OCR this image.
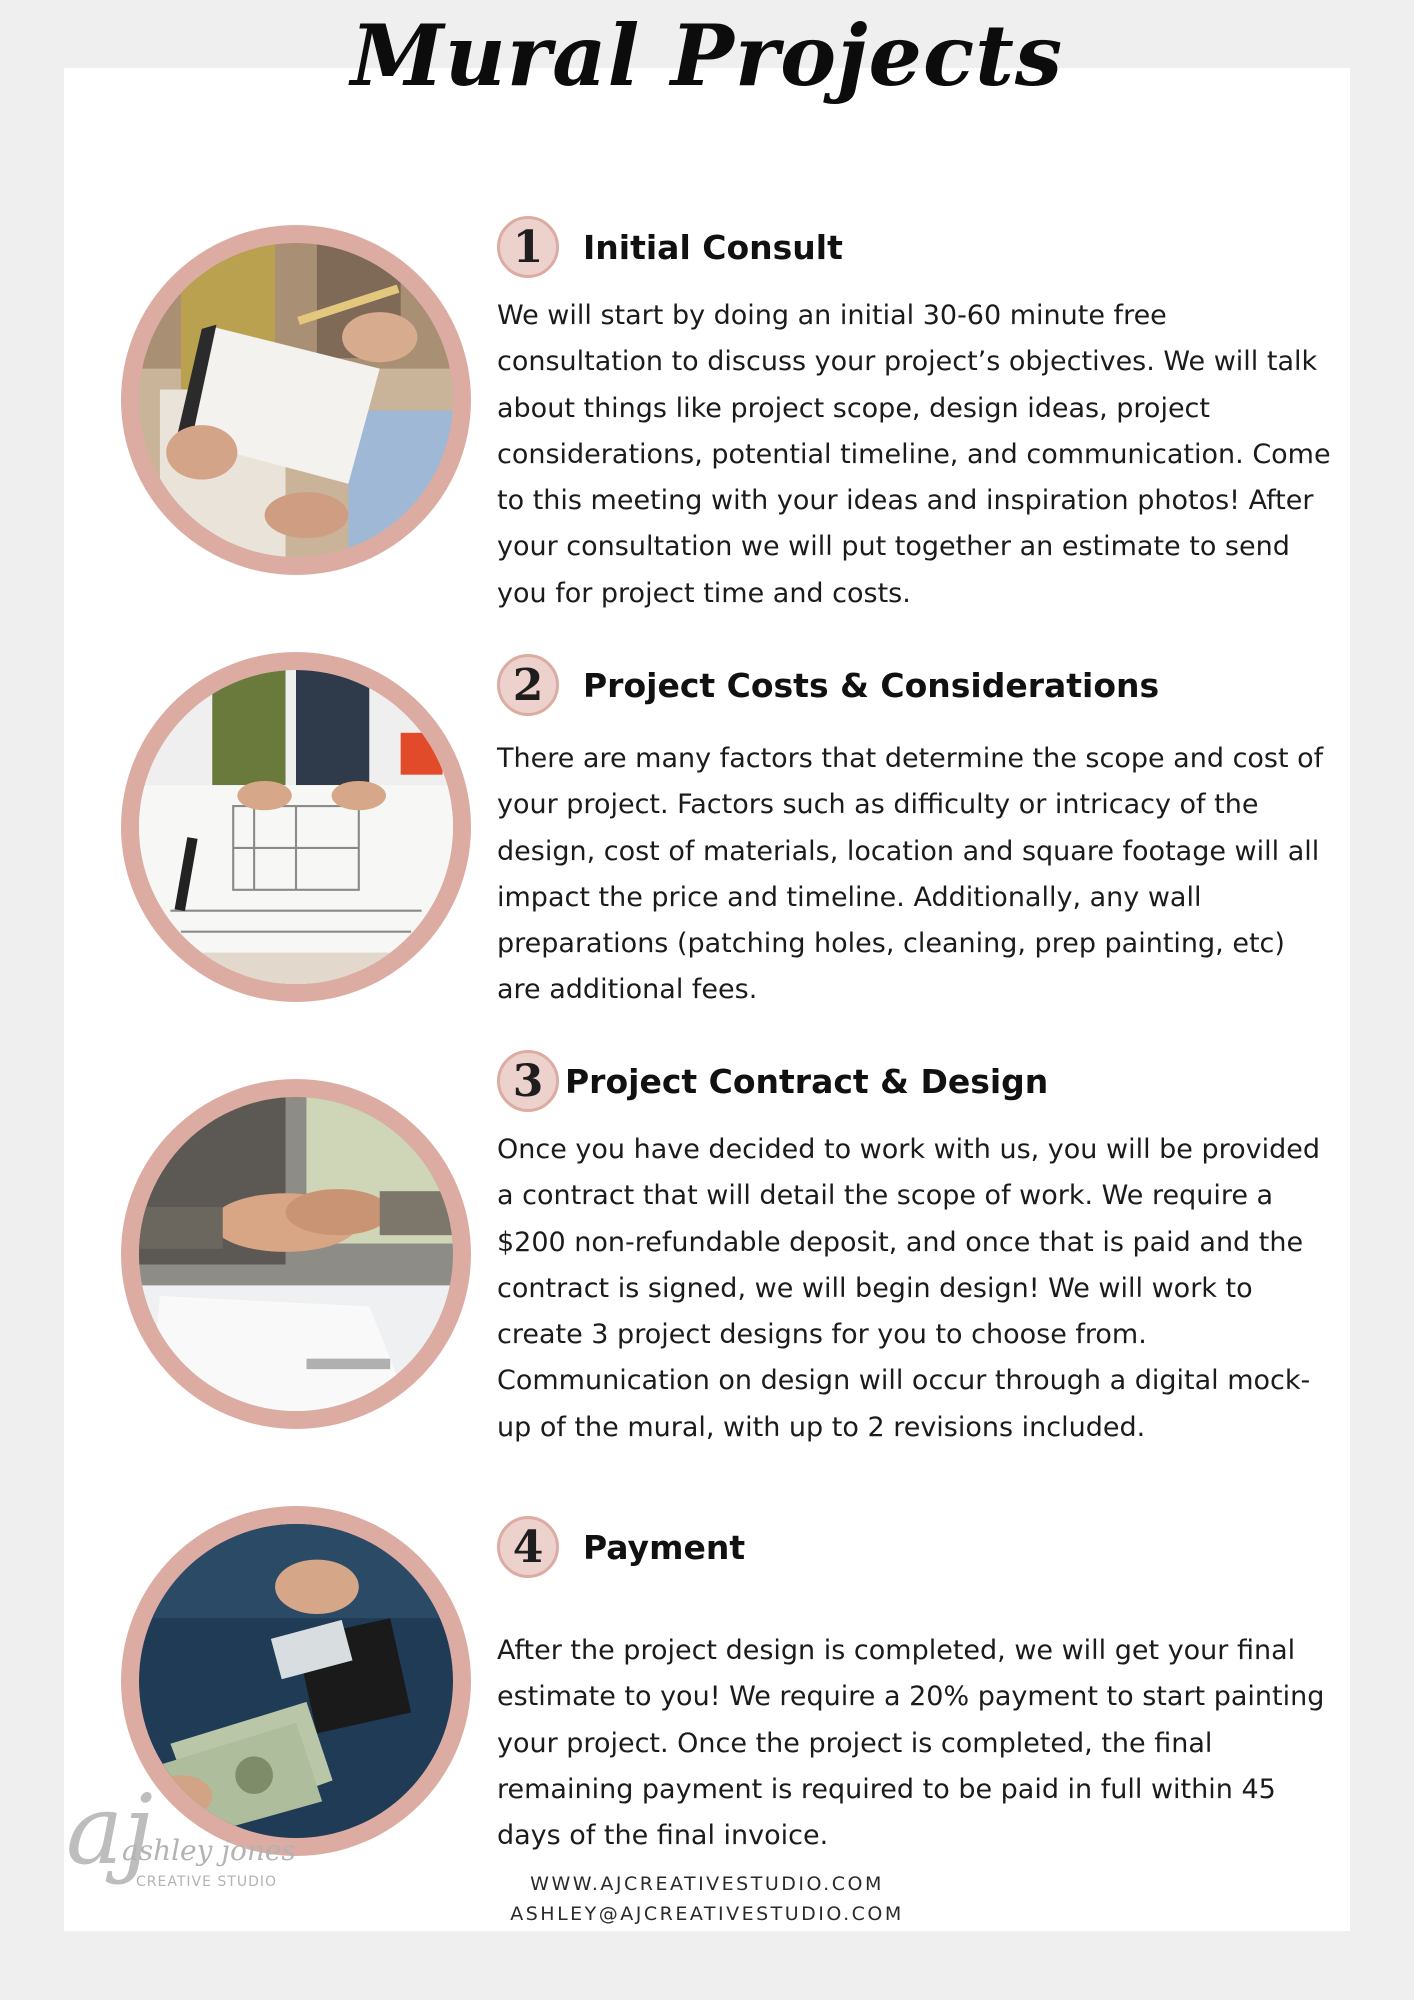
Mural Projects
1	Initial Consult
We will start by doing an initial 30-60 minute free consultation to discuss your project’s objectives. We will talk about things like project scope, design ideas, project considerations, potential timeline, and communication. Come to this meeting with your ideas and inspiration photos! After your consultation we will put together an estimate to send you for project time and costs.
2	Project Costs & Considerations
There are many factors that determine the scope and cost of your project. Factors such as difficulty or intricacy of the design, cost of materials, location and square footage will all impact the price and timeline. Additionally, any wall preparations (patching holes, cleaning, prep painting, etc) are additional fees.
3 Project Contract & Design
Once you have decided to work with us, you will be provided a contract that will detail the scope of work. We require a $200 non-refundable deposit, and once that is paid and the contract is signed, we will begin design! We will work to create 3 project designs for you to choose from. Communication on design will occur through a digital mock-up of the mural, with up to 2 revisions included.
4	Payment
After the project design is completed, we will get your final estimate to you! We require a 20% payment to start painting your project. Once the project is completed, the final remaining payment is required to be paid in full within 45 days of the final invoice.
aj
ashley jones
CREATIVE STUDIO	WWW.AJCREATIVESTUDIO.COM
ASHLEY@AJCREATIVESTUDIO.COM
